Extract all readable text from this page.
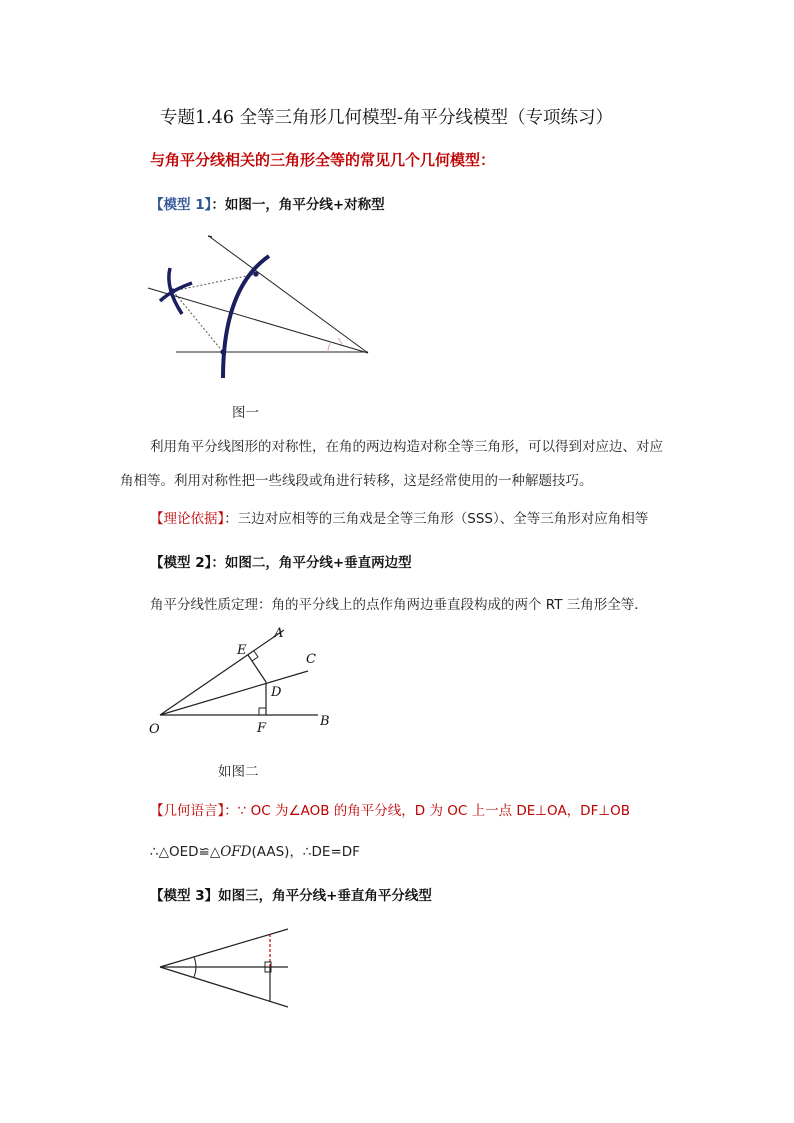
专题1.46 全等三角形几何模型-角平分线模型（专项练习）
与角平分线相关的三角形全等的常见几个几何模型：
【模型 1】：如图一，角平分线+对称型
图一
利用角平分线图形的对称性，在角的两边构造对称全等三角形，可以得到对应边、对应
角相等。利用对称性把一些线段或角进行转移，这是经常使用的一种解题技巧。
【理论依据】：三边对应相等的三角戏是全等三角形（SSS）、全等三角形对应角相等
【模型 2】：如图二，角平分线+垂直两边型
角平分线性质定理：角的平分线上的点作角两边垂直段构成的两个 RT 三角形全等．
A
C
E
D
O	F	B
如图二
【几何语言】：∵ OC 为∠AOB 的角平分线，D 为 OC 上一点 DE⊥OA，DF⊥OB
∴△OED≌△OFD(AAS)，∴DE=DF
【模型 3】如图三，角平分线+垂直角平分线型
